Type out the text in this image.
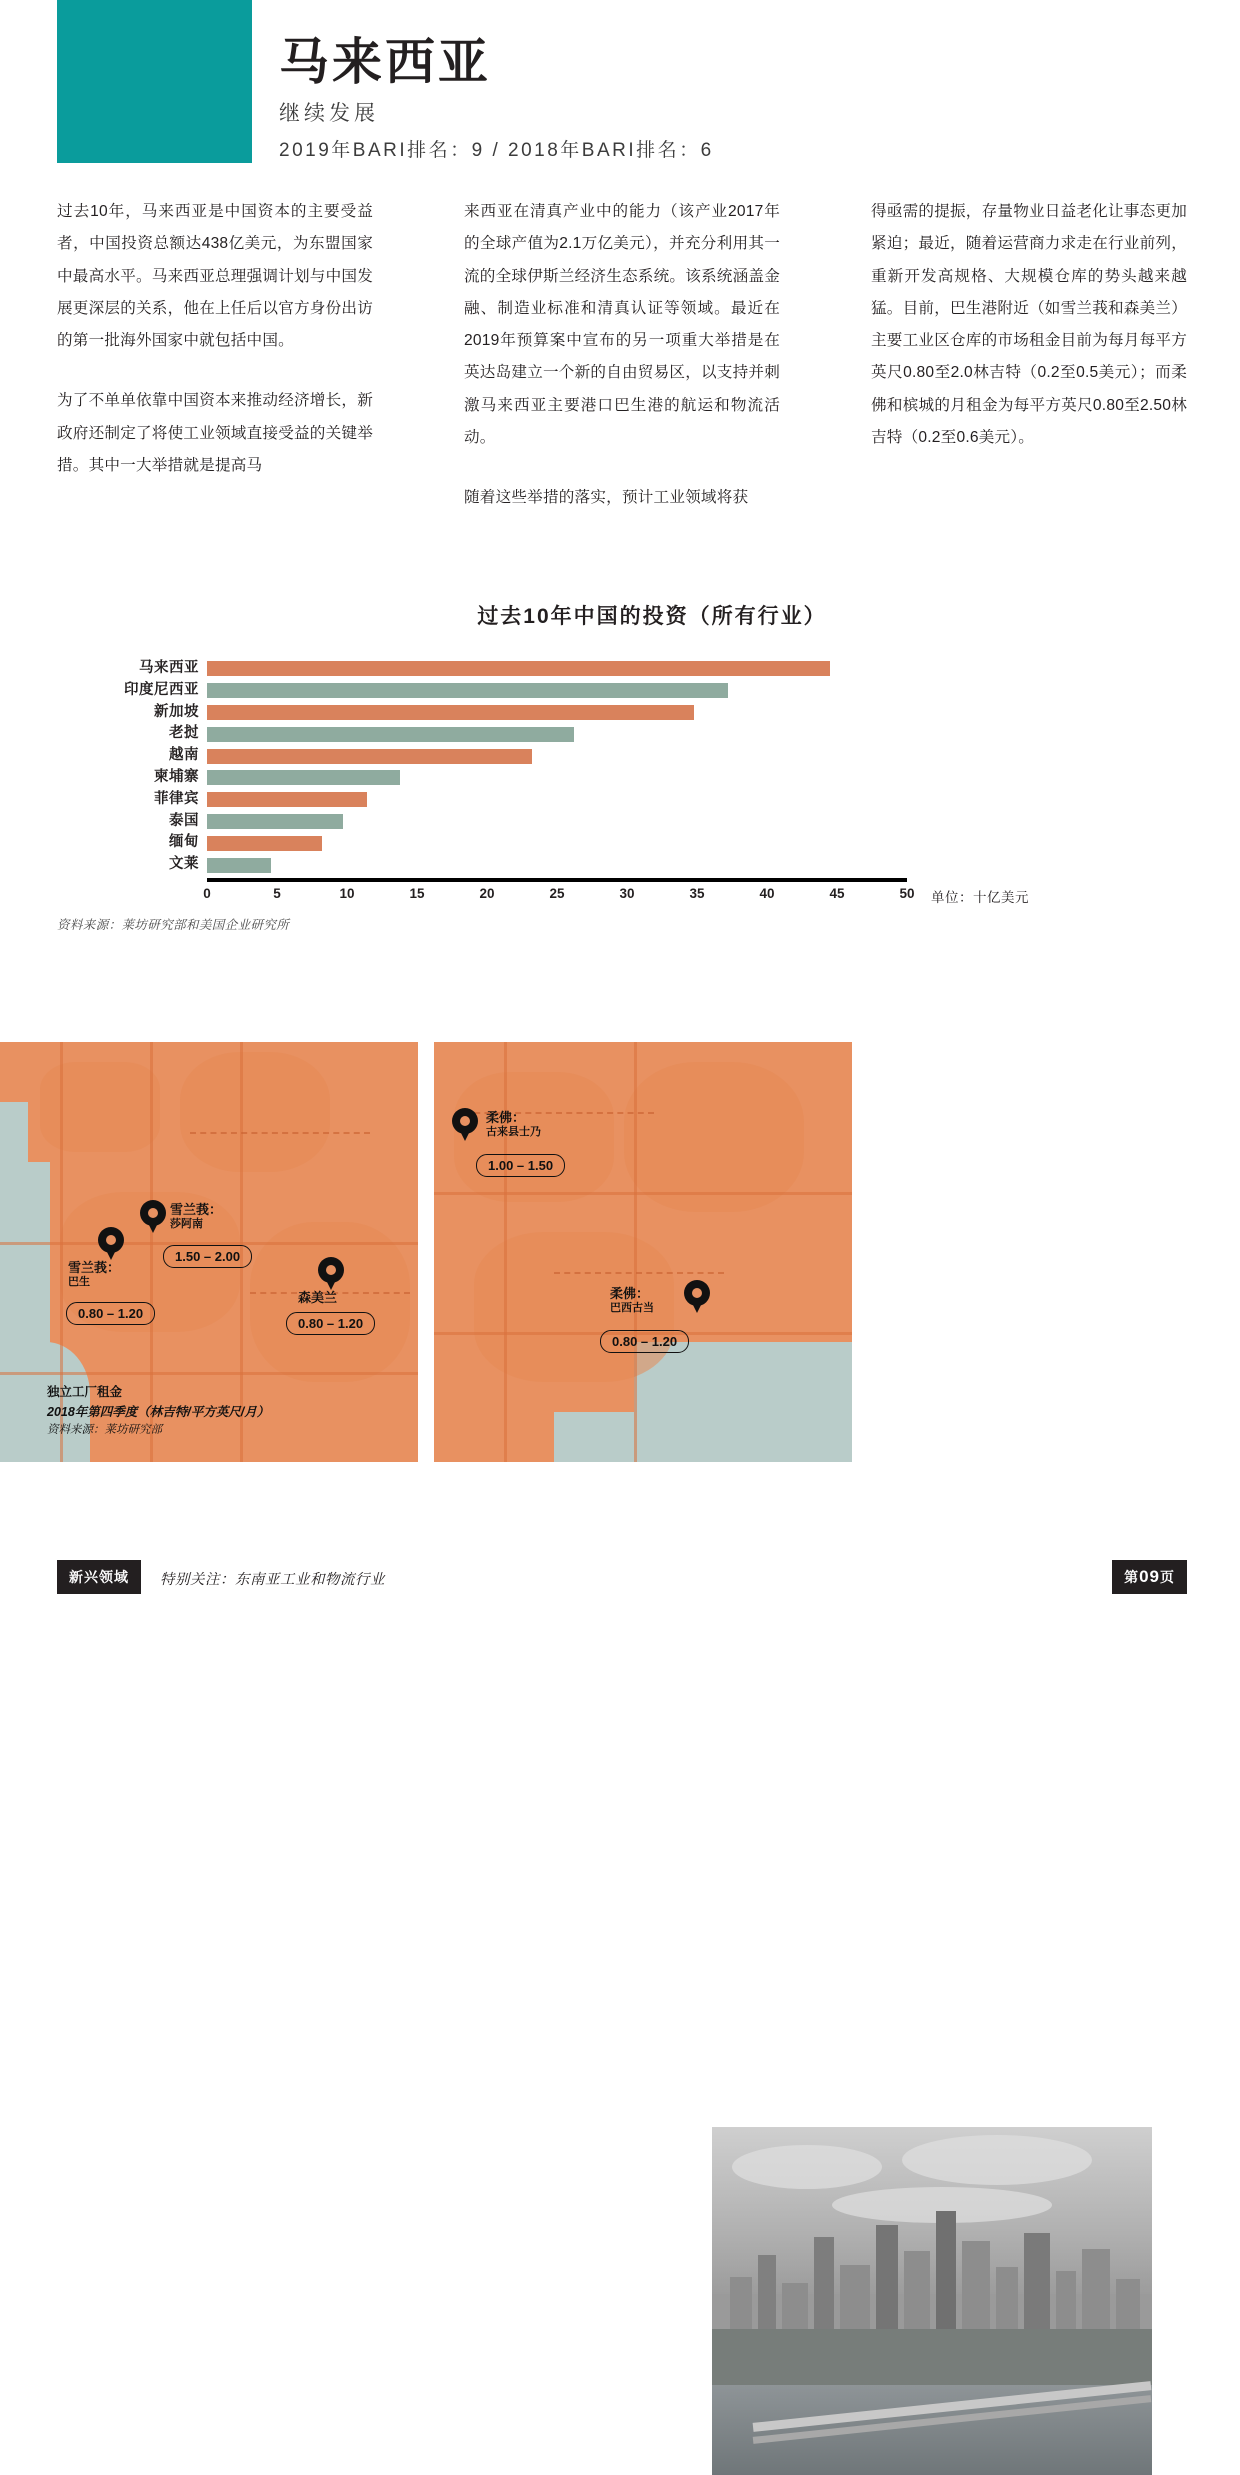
马来西亚

继续发展

2019年BARI排名：9 / 2018年BARI排名：6

过去10年，马来西亚是中国资本的主要受益者，中国投资总额达438亿美元，为东盟国家中最高水平。马来西亚总理强调计划与中国发展更深层的关系，他在上任后以官方身份出访的第一批海外国家中就包括中国。

为了不单单依靠中国资本来推动经济增长，新政府还制定了将使工业领域直接受益的关键举措。其中一大举措就是提高马

来西亚在清真产业中的能力（该产业2017年的全球产值为2.1万亿美元），并充分利用其一流的全球伊斯兰经济生态系统。该系统涵盖金融、制造业标准和清真认证等领域。最近在2019年预算案中宣布的另一项重大举措是在英达岛建立一个新的自由贸易区，以支持并刺激马来西亚主要港口巴生港的航运和物流活动。

随着这些举措的落实，预计工业领域将获

得亟需的提振，存量物业日益老化让事态更加紧迫；最近，随着运营商力求走在行业前列，重新开发高规格、大规模仓库的势头越来越猛。目前，巴生港附近（如雪兰莪和森美兰）主要工业区仓库的市场租金目前为每月每平方英尺0.80至2.0林吉特（0.2至0.5美元）；而柔佛和槟城的月租金为每平方英尺0.80至2.50林吉特（0.2至0.6美元）。

过去10年中国的投资（所有行业）
马来西亚
印度尼西亚
新加坡
老挝
越南
柬埔寨
菲律宾
泰国
缅甸
文莱
0	5	10	15	20	25	30	35	40	45	50 单位：十亿美元
资料来源：莱坊研究部和美国企业研究所
雪兰莪：
莎阿南
1.50 – 2.00
雪兰莪：
巴生
0.80 – 1.20
森美兰
0.80 – 1.20
独立工厂租金
2018年第四季度（林吉特/平方英尺/月）
资料来源：莱坊研究部
柔佛：
古来县士乃
1.00 – 1.50
柔佛：
巴西古当
0.80 – 1.20
新兴领域	特别关注：东南亚工业和物流行业	第09页
